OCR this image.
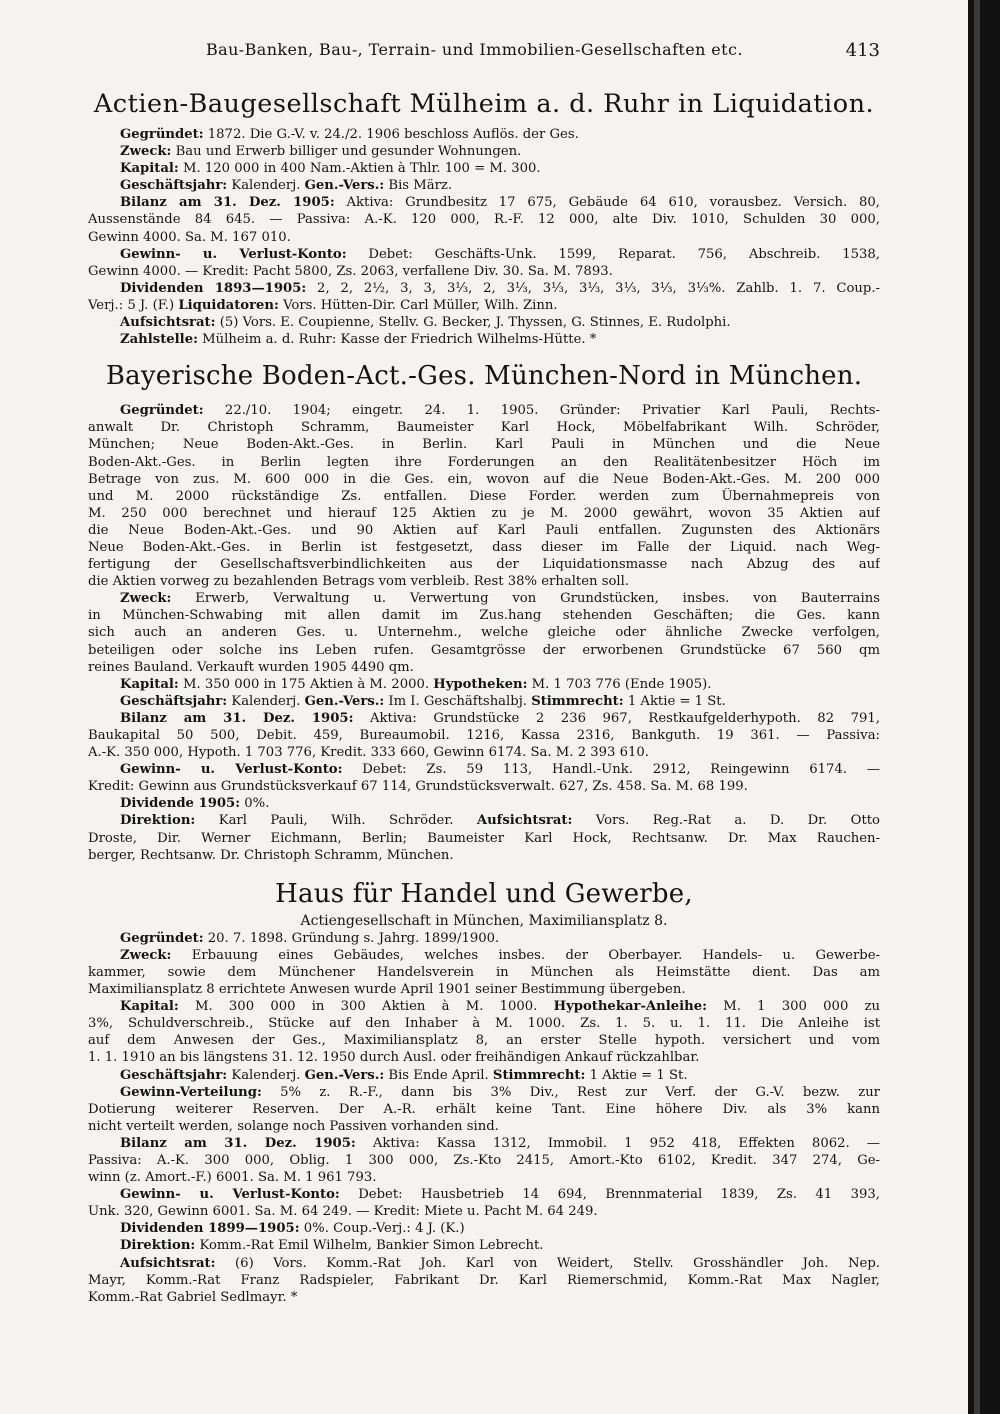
Bau-Banken, Bau-, Terrain- und Immobilien-Gesellschaften etc.	413
Actien-Baugesellschaft Mülheim a. d. Ruhr in Liquidation.
Gegründet: 1872. Die G.-V. v. 24./2. 1906 beschloss Auflös. der Ges.
Zweck: Bau und Erwerb billiger und gesunder Wohnungen.
Kapital: M. 120 000 in 400 Nam.-Aktien à Thlr. 100 = M. 300.
Geschäftsjahr: Kalenderj. Gen.-Vers.: Bis März.
Bilanz am 31. Dez. 1905: Aktiva: Grundbesitz 17 675, Gebäude 64 610, vorausbez. Versich. 80,
Aussenstände 84 645. — Passiva: A.-K. 120 000, R.-F. 12 000, alte Div. 1010, Schulden 30 000,
Gewinn 4000. Sa. M. 167 010.
Gewinn- u. Verlust-Konto: Debet: Geschäfts-Unk. 1599, Reparat. 756, Abschreib. 1538,
Gewinn 4000. — Kredit: Pacht 5800, Zs. 2063, verfallene Div. 30. Sa. M. 7893.
Dividenden 1893—1905: 2, 2, 2½, 3, 3, 3⅓, 2, 3⅓, 3⅓, 3⅓, 3⅓, 3⅓, 3⅓%. Zahlb. 1. 7. Coup.-
Verj.: 5 J. (F.) Liquidatoren: Vors. Hütten-Dir. Carl Müller, Wilh. Zinn.
Aufsichtsrat: (5) Vors. E. Coupienne, Stellv. G. Becker, J. Thyssen, G. Stinnes, E. Rudolphi.
Zahlstelle: Mülheim a. d. Ruhr: Kasse der Friedrich Wilhelms-Hütte. *
Bayerische Boden-Act.-Ges. München-Nord in München.
Gegründet: 22./10. 1904; eingetr. 24. 1. 1905. Gründer: Privatier Karl Pauli, Rechts-
anwalt Dr. Christoph Schramm, Baumeister Karl Hock, Möbelfabrikant Wilh. Schröder,
München; Neue Boden-Akt.-Ges. in Berlin. Karl Pauli in München und die Neue
Boden-Akt.-Ges. in Berlin legten ihre Forderungen an den Realitätenbesitzer Höch im
Betrage von zus. M. 600 000 in die Ges. ein, wovon auf die Neue Boden-Akt.-Ges. M. 200 000
und M. 2000 rückständige Zs. entfallen. Diese Forder. werden zum Übernahmepreis von
M. 250 000 berechnet und hierauf 125 Aktien zu je M. 2000 gewährt, wovon 35 Aktien auf
die Neue Boden-Akt.-Ges. und 90 Aktien auf Karl Pauli entfallen. Zugunsten des Aktionärs
Neue Boden-Akt.-Ges. in Berlin ist festgesetzt, dass dieser im Falle der Liquid. nach Weg-
fertigung der Gesellschaftsverbindlichkeiten aus der Liquidationsmasse nach Abzug des auf
die Aktien vorweg zu bezahlenden Betrags vom verbleib. Rest 38% erhalten soll.
Zweck: Erwerb, Verwaltung u. Verwertung von Grundstücken, insbes. von Bauterrains
in München-Schwabing mit allen damit im Zus.hang stehenden Geschäften; die Ges. kann
sich auch an anderen Ges. u. Unternehm., welche gleiche oder ähnliche Zwecke verfolgen,
beteiligen oder solche ins Leben rufen. Gesamtgrösse der erworbenen Grundstücke 67 560 qm
reines Bauland. Verkauft wurden 1905 4490 qm.
Kapital: M. 350 000 in 175 Aktien à M. 2000. Hypotheken: M. 1 703 776 (Ende 1905).
Geschäftsjahr: Kalenderj. Gen.-Vers.: Im I. Geschäftshalbj. Stimmrecht: 1 Aktie = 1 St.
Bilanz am 31. Dez. 1905: Aktiva: Grundstücke 2 236 967, Restkaufgelderhypoth. 82 791,
Baukapital 50 500, Debit. 459, Bureaumobil. 1216, Kassa 2316, Bankguth. 19 361. — Passiva:
A.-K. 350 000, Hypoth. 1 703 776, Kredit. 333 660, Gewinn 6174. Sa. M. 2 393 610.
Gewinn- u. Verlust-Konto: Debet: Zs. 59 113, Handl.-Unk. 2912, Reingewinn 6174. —
Kredit: Gewinn aus Grundstücksverkauf 67 114, Grundstücksverwalt. 627, Zs. 458. Sa. M. 68 199.
Dividende 1905: 0%.
Direktion: Karl Pauli, Wilh. Schröder. Aufsichtsrat: Vors. Reg.-Rat a. D. Dr. Otto
Droste, Dir. Werner Eichmann, Berlin; Baumeister Karl Hock, Rechtsanw. Dr. Max Rauchen-
berger, Rechtsanw. Dr. Christoph Schramm, München.
Haus für Handel und Gewerbe,
Actiengesellschaft in München, Maximiliansplatz 8.
Gegründet: 20. 7. 1898. Gründung s. Jahrg. 1899/1900.
Zweck: Erbauung eines Gebäudes, welches insbes. der Oberbayer. Handels- u. Gewerbe-
kammer, sowie dem Münchener Handelsverein in München als Heimstätte dient. Das am
Maximiliansplatz 8 errichtete Anwesen wurde April 1901 seiner Bestimmung übergeben.
Kapital: M. 300 000 in 300 Aktien à M. 1000. Hypothekar-Anleihe: M. 1 300 000 zu
3%, Schuldverschreib., Stücke auf den Inhaber à M. 1000. Zs. 1. 5. u. 1. 11. Die Anleihe ist
auf dem Anwesen der Ges., Maximiliansplatz 8, an erster Stelle hypoth. versichert und vom
1. 1. 1910 an bis längstens 31. 12. 1950 durch Ausl. oder freihändigen Ankauf rückzahlbar.
Geschäftsjahr: Kalenderj. Gen.-Vers.: Bis Ende April. Stimmrecht: 1 Aktie = 1 St.
Gewinn-Verteilung: 5% z. R.-F., dann bis 3% Div., Rest zur Verf. der G.-V. bezw. zur
Dotierung weiterer Reserven. Der A.-R. erhält keine Tant. Eine höhere Div. als 3% kann
nicht verteilt werden, solange noch Passiven vorhanden sind.
Bilanz am 31. Dez. 1905: Aktiva: Kassa 1312, Immobil. 1 952 418, Effekten 8062. —
Passiva: A.-K. 300 000, Oblig. 1 300 000, Zs.-Kto 2415, Amort.-Kto 6102, Kredit. 347 274, Ge-
winn (z. Amort.-F.) 6001. Sa. M. 1 961 793.
Gewinn- u. Verlust-Konto: Debet: Hausbetrieb 14 694, Brennmaterial 1839, Zs. 41 393,
Unk. 320, Gewinn 6001. Sa. M. 64 249. — Kredit: Miete u. Pacht M. 64 249.
Dividenden 1899—1905: 0%. Coup.-Verj.: 4 J. (K.)
Direktion: Komm.-Rat Emil Wilhelm, Bankier Simon Lebrecht.
Aufsichtsrat: (6) Vors. Komm.-Rat Joh. Karl von Weidert, Stellv. Grosshändler Joh. Nep.
Mayr, Komm.-Rat Franz Radspieler, Fabrikant Dr. Karl Riemerschmid, Komm.-Rat Max Nagler,
Komm.-Rat Gabriel Sedlmayr. *
